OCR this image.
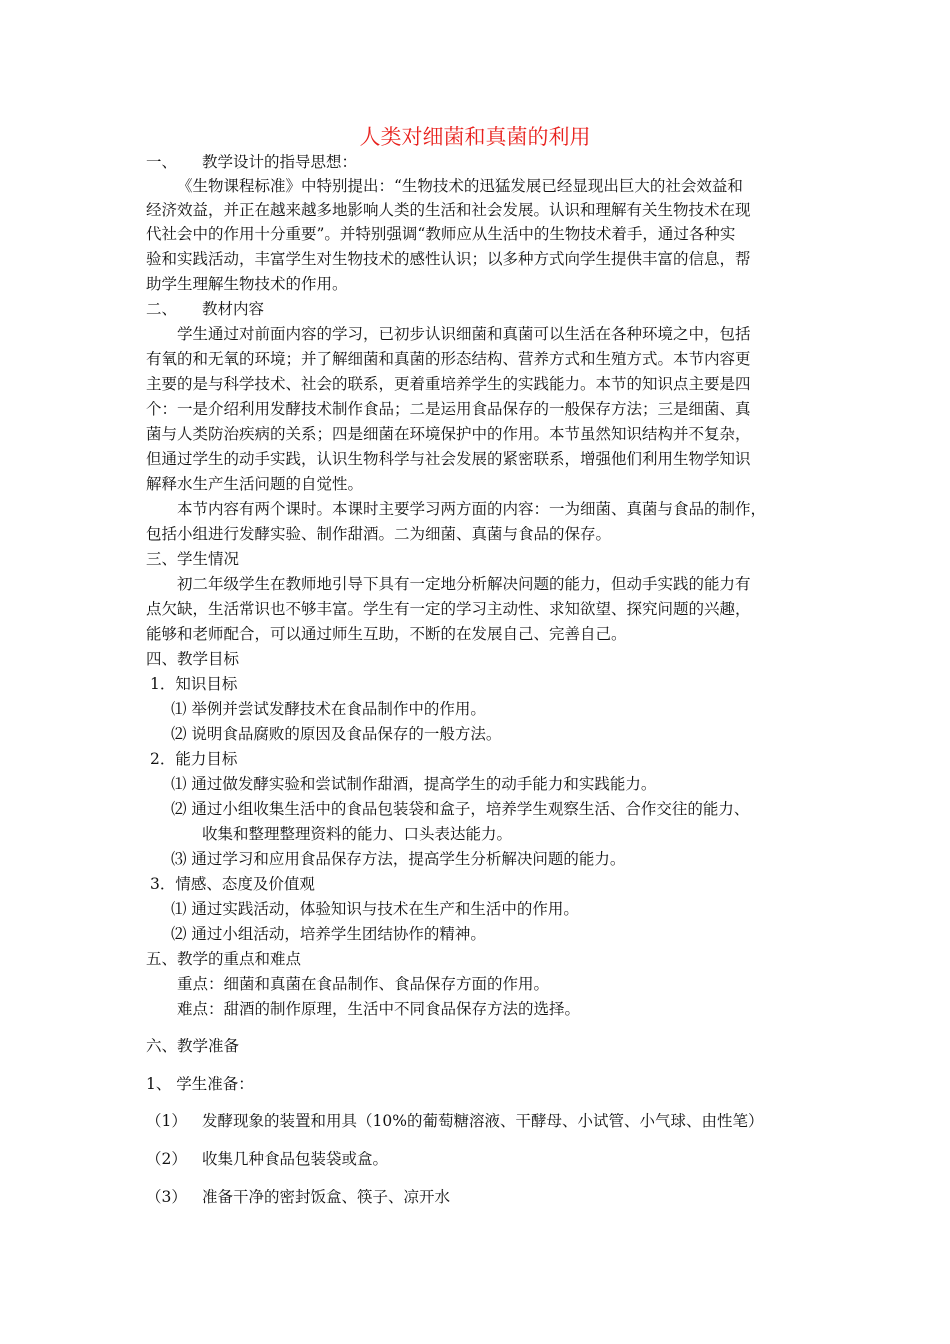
人类对细菌和真菌的利用
一、 教学设计的指导思想：
《生物课程标准》中特别提出：“生物技术的迅猛发展已经显现出巨大的社会效益和
经济效益，并正在越来越多地影响人类的生活和社会发展。认识和理解有关生物技术在现
代社会中的作用十分重要”。并特别强调“教师应从生活中的生物技术着手，通过各种实
验和实践活动，丰富学生对生物技术的感性认识；以多种方式向学生提供丰富的信息，帮
助学生理解生物技术的作用。
二、 教材内容
学生通过对前面内容的学习，已初步认识细菌和真菌可以生活在各种环境之中，包括
有氧的和无氧的环境；并了解细菌和真菌的形态结构、营养方式和生殖方式。本节内容更
主要的是与科学技术、社会的联系，更着重培养学生的实践能力。本节的知识点主要是四
个：一是介绍利用发酵技术制作食品；二是运用食品保存的一般保存方法；三是细菌、真
菌与人类防治疾病的关系；四是细菌在环境保护中的作用。本节虽然知识结构并不复杂，
但通过学生的动手实践，认识生物科学与社会发展的紧密联系，增强他们利用生物学知识
解释水生产生活问题的自觉性。
本节内容有两个课时。本课时主要学习两方面的内容：一为细菌、真菌与食品的制作，
包括小组进行发酵实验、制作甜酒。二为细菌、真菌与食品的保存。
三、学生情况
初二年级学生在教师地引导下具有一定地分析解决问题的能力，但动手实践的能力有
点欠缺，生活常识也不够丰富。学生有一定的学习主动性、求知欲望、探究问题的兴趣，
能够和老师配合，可以通过师生互助，不断的在发展自己、完善自己。
四、教学目标
1．知识目标
⑴ 举例并尝试发酵技术在食品制作中的作用。
⑵ 说明食品腐败的原因及食品保存的一般方法。
2．能力目标
⑴ 通过做发酵实验和尝试制作甜酒，提高学生的动手能力和实践能力。
⑵ 通过小组收集生活中的食品包装袋和盒子，培养学生观察生活、合作交往的能力、
收集和整理整理资料的能力、口头表达能力。
⑶ 通过学习和应用食品保存方法，提高学生分析解决问题的能力。
3．情感、态度及价值观
⑴ 通过实践活动，体验知识与技术在生产和生活中的作用。
⑵ 通过小组活动，培养学生团结协作的精神。
五、教学的重点和难点
重点：细菌和真菌在食品制作、食品保存方面的作用。
难点：甜酒的制作原理，生活中不同食品保存方法的选择。
六、教学准备
1、 学生准备：
（1） 发酵现象的装置和用具（10%的葡萄糖溶液、干酵母、小试管、小气球、由性笔）
（2） 收集几种食品包装袋或盒。
（3） 准备干净的密封饭盒、筷子、凉开水
